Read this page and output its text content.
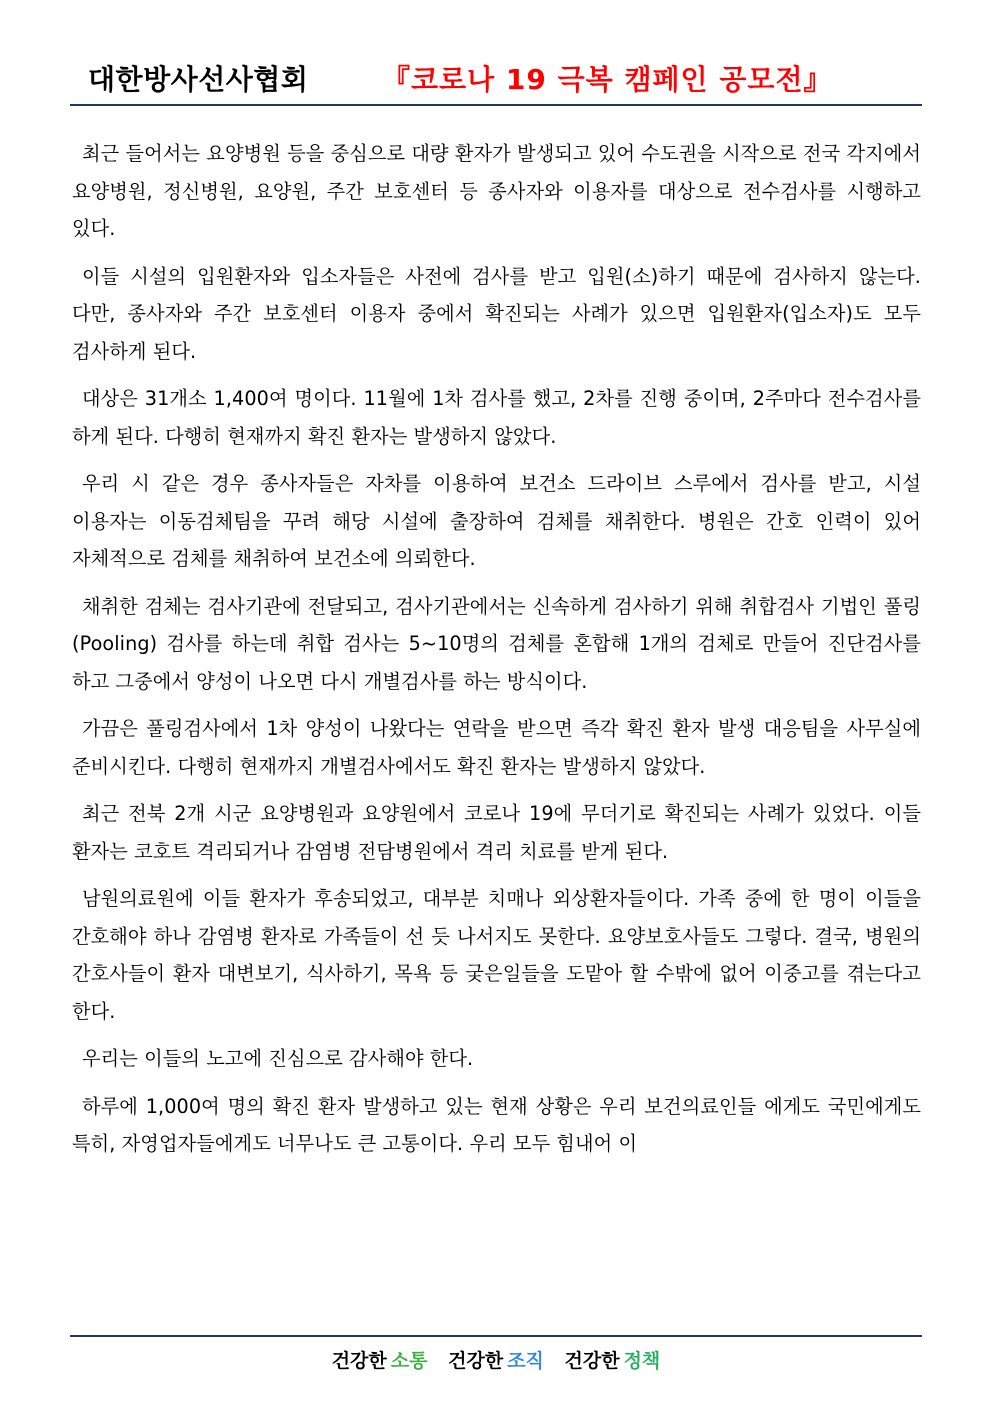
대한방사선사협회	『코로나 19 극복 캠페인 공모전』

최근 들어서는 요양병원 등을 중심으로 대량 환자가 발생되고 있어 수도권을 시작으로 전국 각지에서 요양병원, 정신병원, 요양원, 주간 보호센터 등 종사자와 이용자를 대상으로 전수검사를 시행하고 있다.

이들 시설의 입원환자와 입소자들은 사전에 검사를 받고 입원(소)하기 때문에 검사하지 않는다. 다만, 종사자와 주간 보호센터 이용자 중에서 확진되는 사례가 있으면 입원환자(입소자)도 모두 검사하게 된다.

대상은 31개소 1,400여 명이다. 11월에 1차 검사를 했고, 2차를 진행 중이며, 2주마다 전수검사를 하게 된다. 다행히 현재까지 확진 환자는 발생하지 않았다.

우리 시 같은 경우 종사자들은 자차를 이용하여 보건소 드라이브 스루에서 검사를 받고, 시설 이용자는 이동검체팀을 꾸려 해당 시설에 출장하여 검체를 채취한다. 병원은 간호 인력이 있어 자체적으로 검체를 채취하여 보건소에 의뢰한다.

채취한 검체는 검사기관에 전달되고, 검사기관에서는 신속하게 검사하기 위해 취합검사 기법인 풀링(Pooling) 검사를 하는데 취합 검사는 5~10명의 검체를 혼합해 1개의 검체로 만들어 진단검사를 하고 그중에서 양성이 나오면 다시 개별검사를 하는 방식이다.

가끔은 풀링검사에서 1차 양성이 나왔다는 연락을 받으면 즉각 확진 환자 발생 대응팀을 사무실에 준비시킨다. 다행히 현재까지 개별검사에서도 확진 환자는 발생하지 않았다.

최근 전북 2개 시군 요양병원과 요양원에서 코로나 19에 무더기로 확진되는 사례가 있었다. 이들 환자는 코호트 격리되거나 감염병 전담병원에서 격리 치료를 받게 된다.

남원의료원에 이들 환자가 후송되었고, 대부분 치매나 외상환자들이다. 가족 중에 한 명이 이들을 간호해야 하나 감염병 환자로 가족들이 선 듯 나서지도 못한다. 요양보호사들도 그렇다. 결국, 병원의 간호사들이 환자 대변보기, 식사하기, 목욕 등 궂은일들을 도맡아 할 수밖에 없어 이중고를 겪는다고 한다.

우리는 이들의 노고에 진심으로 감사해야 한다.

하루에 1,000여 명의 확진 환자 발생하고 있는 현재 상황은 우리 보건의료인들 에게도 국민에게도 특히, 자영업자들에게도 너무나도 큰 고통이다. 우리 모두 힘내어 이

건강한 소통 건강한 조직 건강한 정책
